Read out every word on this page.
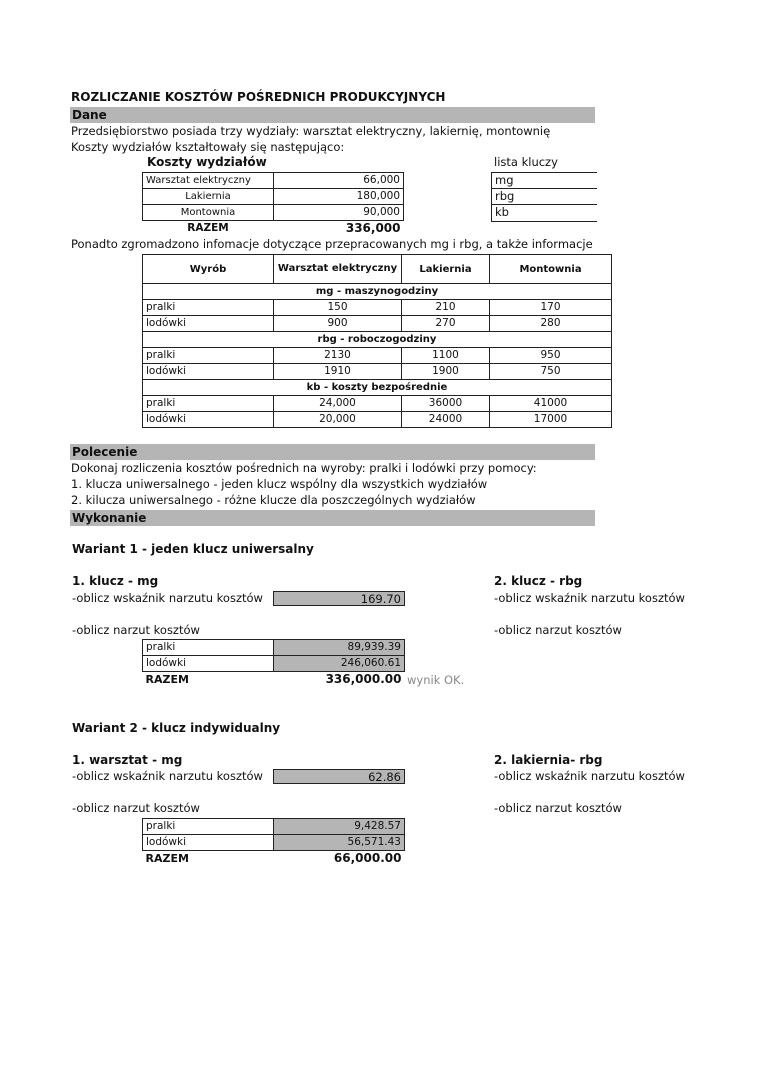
ROZLICZANIE KOSZTÓW POŚREDNICH PRODUKCYJNYCH
Dane
Przedsiębiorstwo posiada trzy wydziały: warsztat elektryczny, lakiernię, montownię
Koszty wydziałów kształtowały się następująco:
Koszty wydziałów
Warsztat elektryczny	66,000
Lakiernia	180,000
Montownia	90,000
RAZEM	336,000
lista kluczy
mg
rbg
kb
Ponadto zgromadzono infomacje dotyczące przepracowanych mg i rbg, a także informacje
Wyrób	Warsztat elektryczny	Lakiernia	Montownia
mg - maszynogodziny			
pralki	150	210	170
lodówki	900	270	280
rbg - roboczogodziny			
pralki	2130	1100	950
lodówki	1910	1900	750
kb - koszty bezpośrednie			
pralki	24,000	36000	41000
lodówki	20,000	24000	17000
Polecenie
Dokonaj rozliczenia kosztów pośrednich na wyroby: pralki i lodówki przy pomocy:
1. klucza uniwersalnego - jeden klucz wspólny dla wszystkich wydziałów
2. kilucza uniwersalnego - różne klucze dla poszczególnych wydziałów
Wykonanie
Wariant 1 - jeden klucz uniwersalny
1. klucz - mg
-oblicz wskaźnik narzutu kosztów	169.70
-oblicz narzut kosztów
pralki	89,939.39
lodówki	246,060.61
RAZEM	336,000.00 wynik OK.
2. klucz - rbg
-oblicz wskaźnik narzutu kosztów
-oblicz narzut kosztów
Wariant 2 - klucz indywidualny
1. warsztat - mg
-oblicz wskaźnik narzutu kosztów	62.86
-oblicz narzut kosztów
pralki	9,428.57
lodówki	56,571.43
RAZEM	66,000.00
2. lakiernia- rbg
-oblicz wskaźnik narzutu kosztów
-oblicz narzut kosztów
